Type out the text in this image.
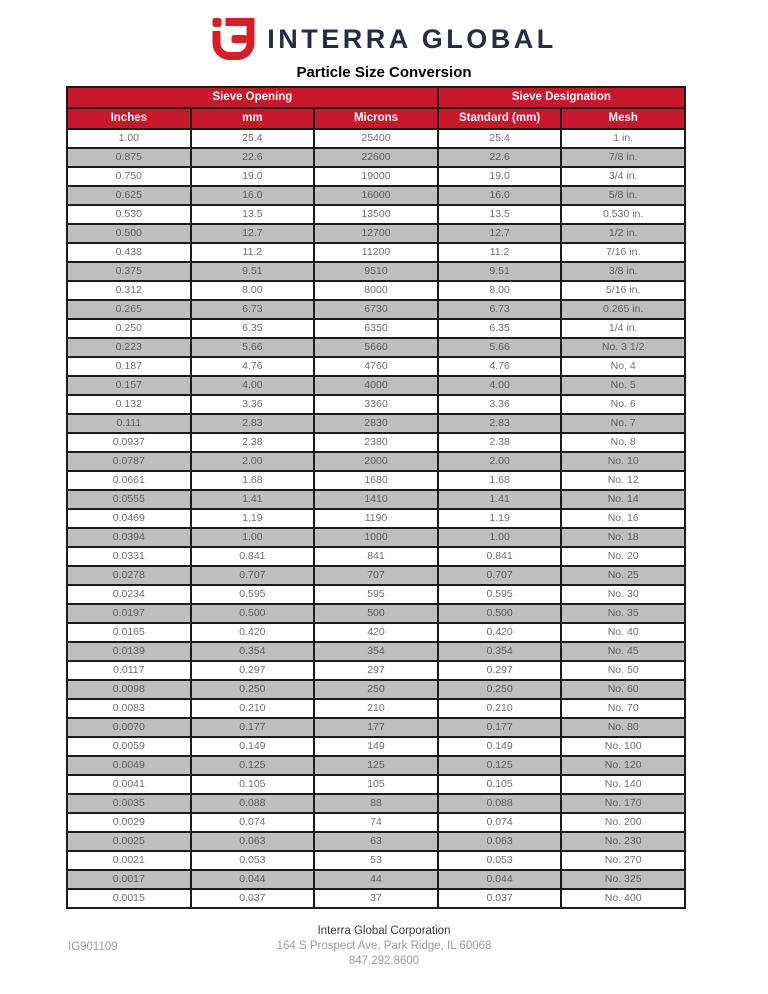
INTERRA GLOBAL
Particle Size Conversion
Sieve Opening			Sieve Designation	
Inches	mm	Microns	Standard (mm)	Mesh
1.00	25.4	25400	25.4	1 in.
0.875	22.6	22600	22.6	7/8 in.
0.750	19.0	19000	19.0	3/4 in.
0.625	16.0	16000	16.0	5/8 in.
0.530	13.5	13500	13.5	0.530 in.
0.500	12.7	12700	12.7	1/2 in.
0.438	11.2	11200	11.2	7/16 in.
0.375	9.51	9510	9.51	3/8 in.
0.312	8.00	8000	8.00	5/16 in.
0.265	6.73	6730	6.73	0.265 in.
0.250	6.35	6350	6.35	1/4 in.
0.223	5.66	5660	5.66	No. 3 1/2
0.187	4.76	4760	4.76	No. 4
0.157	4.00	4000	4.00	No. 5
0.132	3.36	3360	3.36	No. 6
0.111	2.83	2830	2.83	No. 7
0.0937	2.38	2380	2.38	No. 8
0.0787	2.00	2000	2.00	No. 10
0.0661	1.68	1680	1.68	No. 12
0.0555	1.41	1410	1.41	No. 14
0.0469	1.19	1190	1.19	No. 16
0.0394	1.00	1000	1.00	No. 18
0.0331	0.841	841	0.841	No. 20
0.0278	0.707	707	0.707	No. 25
0.0234	0.595	595	0.595	No. 30
0.0197	0.500	500	0.500	No. 35
0.0165	0.420	420	0.420	No. 40
0.0139	0.354	354	0.354	No. 45
0.0117	0.297	297	0.297	No. 50
0.0098	0.250	250	0.250	No. 60
0.0083	0.210	210	0.210	No. 70
0.0070	0.177	177	0.177	No. 80
0.0059	0.149	149	0.149	No. 100
0.0049	0.125	125	0.125	No. 120
0.0041	0.105	105	0.105	No. 140
0.0035	0.088	88	0.088	No. 170
0.0029	0.074	74	0.074	No. 200
0.0025	0.063	63	0.063	No. 230
0.0021	0.053	53	0.053	No. 270
0.0017	0.044	44	0.044	No. 325
0.0015	0.037	37	0.037	No. 400
IG901109
Interra Global Corporation
164 S Prospect Ave, Park Ridge, IL 60068
847.292.8600
